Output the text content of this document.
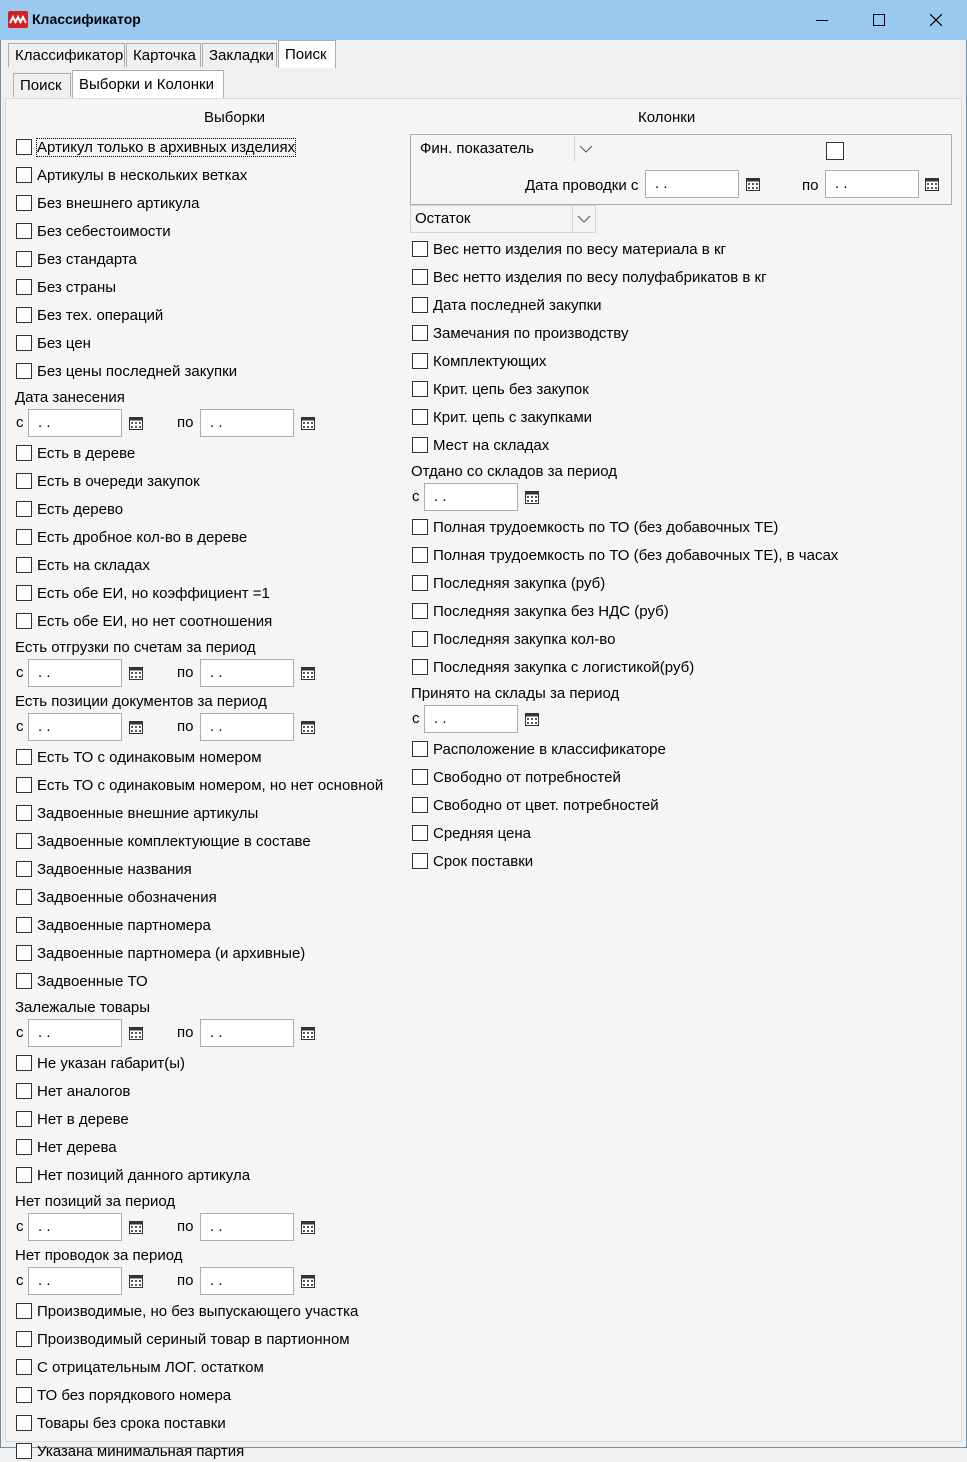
Классификатор
Классификатор Карточка Закладки Поиск
Поиск	Выборки и Колонки
Выборки	Колонки
Фин. показатель
Дата проводки с	. .	по	. .
Остаток
Артикул только в архивных изделиях
Артикулы в нескольких ветках
Без внешнего артикула
Без себестоимости
Без стандарта
Без страны
Без тех. операций
Без цен
Без цены последней закупки
Дата занесения
с . .	по	. .
Есть в дереве
Есть в очереди закупок
Есть дерево
Есть дробное кол-во в дереве
Есть на складах
Есть обе ЕИ, но коэффициент =1
Есть обе ЕИ, но нет соотношения
Есть отгрузки по счетам за период
с . .	по	. .
Есть позиции документов за период
с . .	по	. .
Есть ТО с одинаковым номером
Есть ТО с одинаковым номером, но нет основной
Задвоенные внешние артикулы
Задвоенные комплектующие в составе
Задвоенные названия
Задвоенные обозначения
Задвоенные партномера
Задвоенные партномера (и архивные)
Задвоенные ТО
Залежалые товары
с . .	по	. .
Не указан габарит(ы)
Нет аналогов
Нет в дереве
Нет дерева
Нет позиций данного артикула
Нет позиций за период
с . .	по	. .
Нет проводок за период
с . .	по	. .
Производимые, но без выпускающего участка
Производимый сериный товар в партионном
С отрицательным ЛОГ. остатком
ТО без порядкового номера
Товары без срока поставки
Указана минимальная партия
Вес нетто изделия по весу материала в кг
Вес нетто изделия по весу полуфабрикатов в кг
Дата последней закупки
Замечания по производству
Комплектующих
Крит. цепь без закупок
Крит. цепь с закупками
Мест на складах
Отдано со складов за период
с . .
Полная трудоемкость по ТО (без добавочных ТЕ)
Полная трудоемкость по ТО (без добавочных ТЕ), в часах
Последняя закупка (руб)
Последняя закупка без НДС (руб)
Последняя закупка кол-во
Последняя закупка с логистикой(руб)
Принято на склады за период
с . .
Расположение в классификаторе
Свободно от потребностей
Свободно от цвет. потребностей
Средняя цена
Срок поставки
